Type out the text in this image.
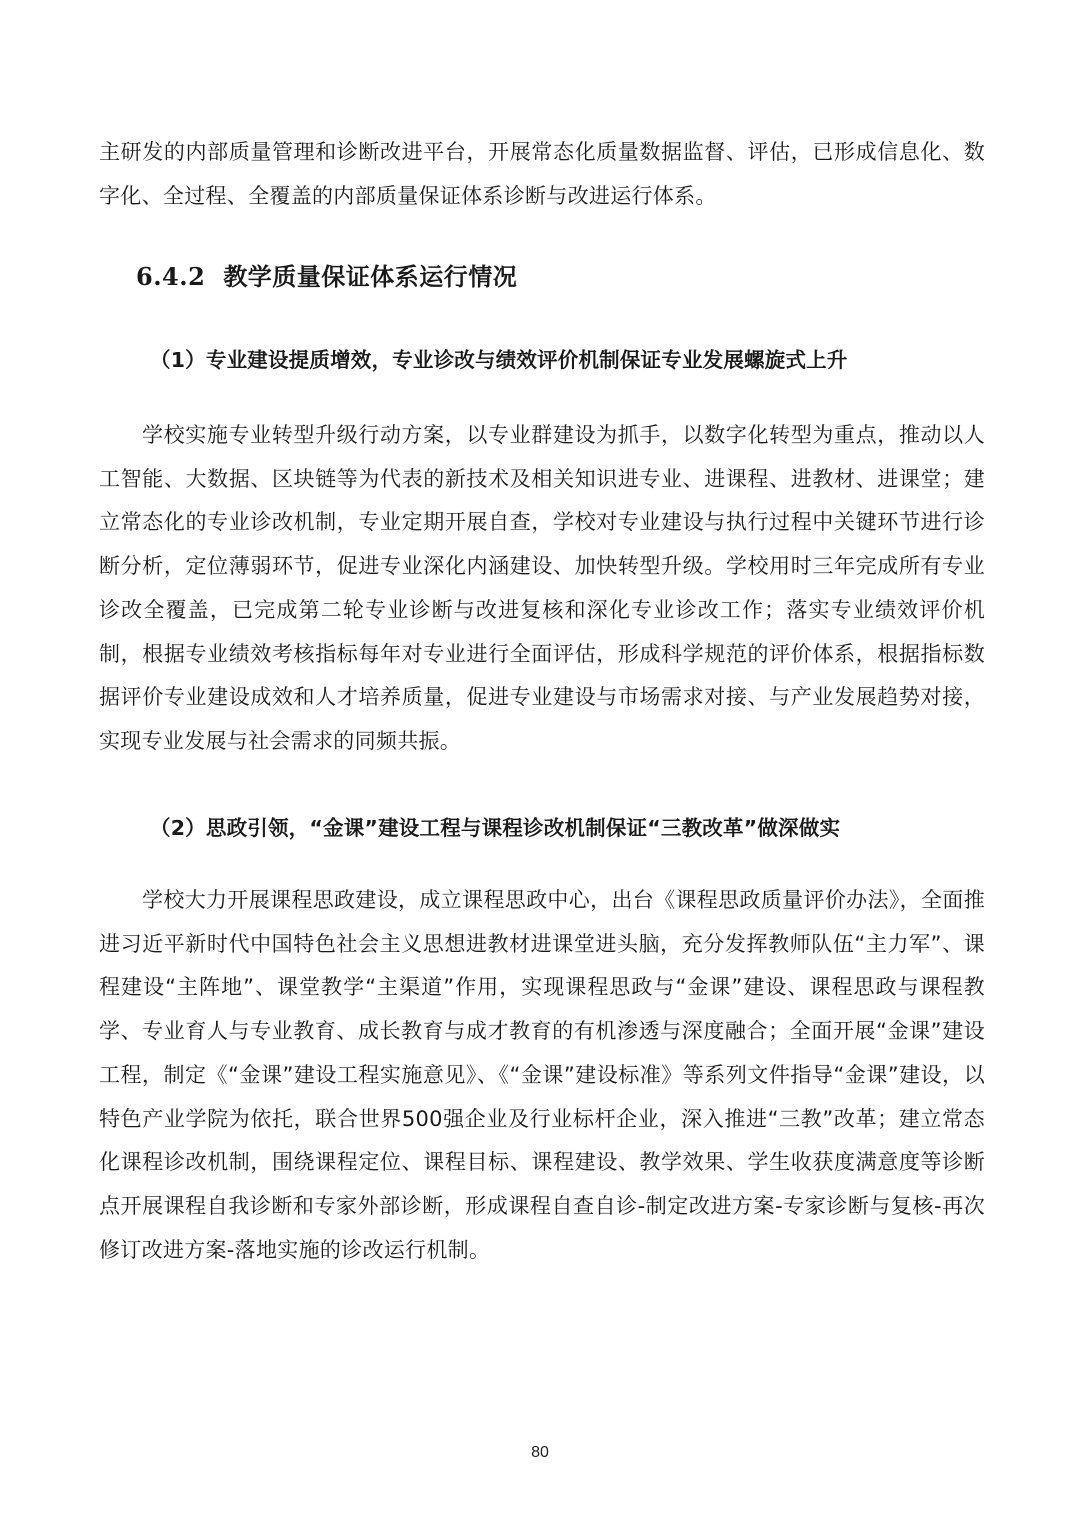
主研发的内部质量管理和诊断改进平台，开展常态化质量数据监督、评估，已形成信息化、数字化、全过程、全覆盖的内部质量保证体系诊断与改进运行体系。

6.4.2 教学质量保证体系运行情况
（1）专业建设提质增效，专业诊改与绩效评价机制保证专业发展螺旋式上升

学校实施专业转型升级行动方案，以专业群建设为抓手，以数字化转型为重点，推动以人工智能、大数据、区块链等为代表的新技术及相关知识进专业、进课程、进教材、进课堂；建立常态化的专业诊改机制，专业定期开展自查，学校对专业建设与执行过程中关键环节进行诊断分析，定位薄弱环节，促进专业深化内涵建设、加快转型升级。学校用时三年完成所有专业诊改全覆盖，已完成第二轮专业诊断与改进复核和深化专业诊改工作；落实专业绩效评价机制，根据专业绩效考核指标每年对专业进行全面评估，形成科学规范的评价体系，根据指标数据评价专业建设成效和人才培养质量，促进专业建设与市场需求对接、与产业发展趋势对接，实现专业发展与社会需求的同频共振。

（2）思政引领，“金课”建设工程与课程诊改机制保证“三教改革”做深做实

学校大力开展课程思政建设，成立课程思政中心，出台《课程思政质量评价办法》，全面推进习近平新时代中国特色社会主义思想进教材进课堂进头脑，充分发挥教师队伍“主力军”、课程建设“主阵地”、课堂教学“主渠道”作用，实现课程思政与“金课”建设、课程思政与课程教学、专业育人与专业教育、成长教育与成才教育的有机渗透与深度融合；全面开展“金课”建设工程，制定《“金课”建设工程实施意见》、《“金课”建设标准》等系列文件指导“金课”建设，以特色产业学院为依托，联合世界500强企业及行业标杆企业，深入推进“三教”改革；建立常态化课程诊改机制，围绕课程定位、课程目标、课程建设、教学效果、学生收获度满意度等诊断点开展课程自我诊断和专家外部诊断，形成课程自查自诊-制定改进方案-专家诊断与复核-再次修订改进方案-落地实施的诊改运行机制。

80
